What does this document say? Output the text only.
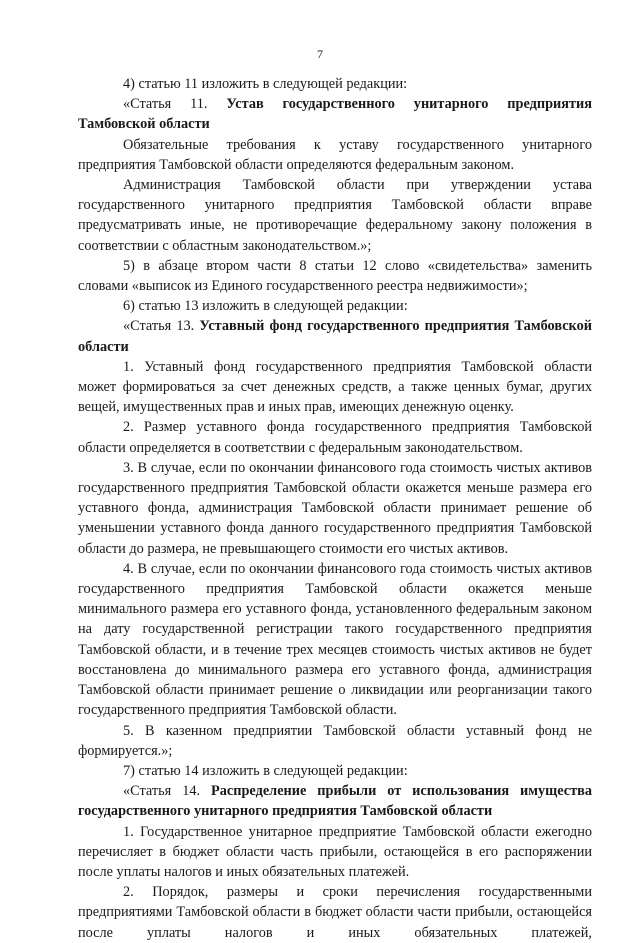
7

4) статью 11 изложить в следующей редакции:

«Статья 11. Устав государственного унитарного предприятия Тамбовской области

Обязательные требования к уставу государственного унитарного предприятия Тамбовской области определяются федеральным законом.

Администрация Тамбовской области при утверждении устава государственного унитарного предприятия Тамбовской области вправе предусматривать иные, не противоречащие федеральному закону положения в соответствии с областным законодательством.»;

5) в абзаце втором части 8 статьи 12 слово «свидетельства» заменить словами «выписок из Единого государственного реестра недвижимости»;

6) статью 13 изложить в следующей редакции:

«Статья 13. Уставный фонд государственного предприятия Тамбовской области

1. Уставный фонд государственного предприятия Тамбовской области может формироваться за счет денежных средств, а также ценных бумаг, других вещей, имущественных прав и иных прав, имеющих денежную оценку.

2. Размер уставного фонда государственного предприятия Тамбовской области определяется в соответствии с федеральным законодательством.

3. В случае, если по окончании финансового года стоимость чистых активов государственного предприятия Тамбовской области окажется меньше размера его уставного фонда, администрация Тамбовской области принимает решение об уменьшении уставного фонда данного государственного предприятия Тамбовской области до размера, не превышающего стоимости его чистых активов.

4. В случае, если по окончании финансового года стоимость чистых активов государственного предприятия Тамбовской области окажется меньше минимального размера его уставного фонда, установленного федеральным законом на дату государственной регистрации такого государственного предприятия Тамбовской области, и в течение трех месяцев стоимость чистых активов не будет восстановлена до минимального размера его уставного фонда, администрация Тамбовской области принимает решение о ликвидации или реорганизации такого государственного предприятия Тамбовской области.

5. В казенном предприятии Тамбовской области уставный фонд не формируется.»;

7) статью 14 изложить в следующей редакции:

«Статья 14. Распределение прибыли от использования имущества государственного унитарного предприятия Тамбовской области

1. Государственное унитарное предприятие Тамбовской области ежегодно перечисляет в бюджет области часть прибыли, остающейся в его распоряжении после уплаты налогов и иных обязательных платежей.

2. Порядок, размеры и сроки перечисления государственными предприятиями Тамбовской области в бюджет области части прибыли, остающейся после уплаты налогов и иных обязательных платежей,
